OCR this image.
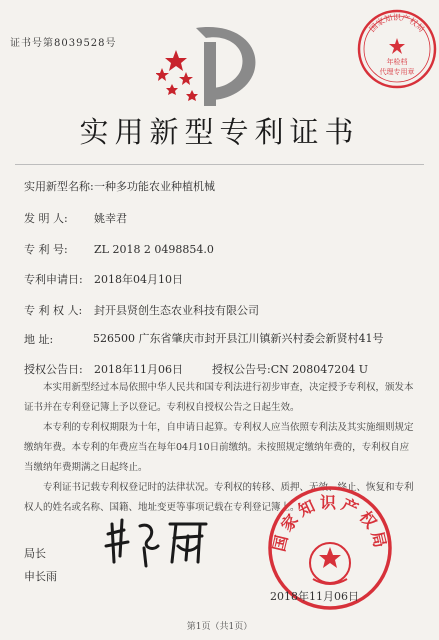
证书号第8039528号
国家知识产权局
年检档
代理专用章
实用新型专利证书
实用新型名称:一种多功能农业种植机械
发 明 人: 姚幸君
专 利 号: ZL 2018 2 0498854.0
专利申请日: 2018年04月10日
专 利 权 人: 封开县贤创生态农业科技有限公司
地 址:	526500 广东省肇庆市封开县江川镇新兴村委会新贤村41号
授权公告日: 2018年11月06日	授权公告号:CN 208047204 U

本实用新型经过本局依照中华人民共和国专利法进行初步审查，决定授予专利权，颁发本证书并在专利登记簿上予以登记。专利权自授权公告之日起生效。

本专利的专利权期限为十年，自申请日起算。专利权人应当依照专利法及其实施细则规定缴纳年费。本专利的年费应当在每年04月10日前缴纳。未按照规定缴纳年费的，专利权自应当缴纳年费期满之日起终止。

专利证书记载专利权登记时的法律状况。专利权的转移、质押、无效、终止、恢复和专利权人的姓名或名称、国籍、地址变更等事项记载在专利登记簿上。

局长
申长雨
国家知识产权局
2018年11月06日
第1页（共1页）
